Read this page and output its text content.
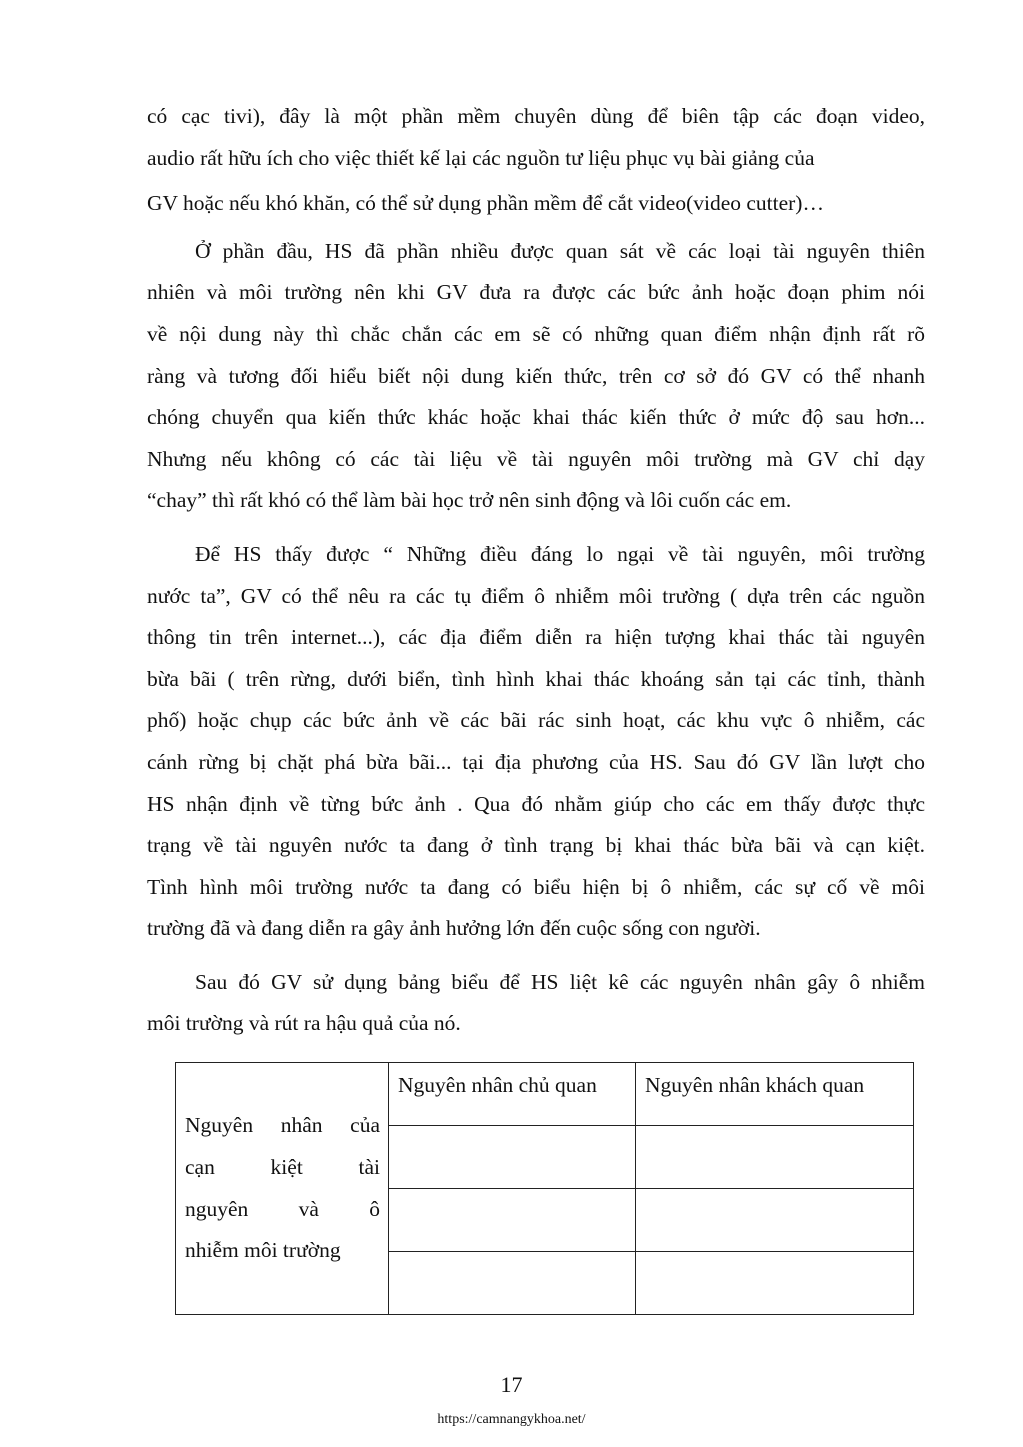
có cạc tivi), đây là một phần mềm chuyên dùng để biên tập các đoạn video,
audio rất hữu ích cho việc thiết kế lại các nguồn tư liệu phục vụ bài giảng của
GV hoặc nếu khó khăn, có thể sử dụng phần mềm để cắt video(video cutter)…

Ở phần đầu, HS đã phần nhiều được quan sát về các loại tài nguyên thiên
nhiên và môi trường nên khi GV đưa ra được các bức ảnh hoặc đoạn phim nói
về nội dung này thì chắc chắn các em sẽ có những quan điểm nhận định rất rõ
ràng và tương đối hiểu biết nội dung kiến thức, trên cơ sở đó GV có thể nhanh
chóng chuyển qua kiến thức khác hoặc khai thác kiến thức ở mức độ sau hơn...
Nhưng nếu không có các tài liệu về tài nguyên môi trường mà GV chỉ dạy
“chay” thì rất khó có thể làm bài học trở nên sinh động và lôi cuốn các em.

Để HS thấy được “ Những điều đáng lo ngại về tài nguyên, môi trường
nước ta”, GV có thể nêu ra các tụ điểm ô nhiễm môi trường ( dựa trên các nguồn
thông tin trên internet...), các địa điểm diễn ra hiện tượng khai thác tài nguyên
bừa bãi ( trên rừng, dưới biển, tình hình khai thác khoáng sản tại các tỉnh, thành
phố) hoặc chụp các bức ảnh về các bãi rác sinh hoạt, các khu vực ô nhiễm, các
cánh rừng bị chặt phá bừa bãi... tại địa phương của HS. Sau đó GV lần lượt cho
HS nhận định về từng bức ảnh . Qua đó nhằm giúp cho các em thấy được thực
trạng về tài nguyên nước ta đang ở tình trạng bị khai thác bừa bãi và cạn kiệt.
Tình hình môi trường nước ta đang có biểu hiện bị ô nhiễm, các sự cố về môi
trường đã và đang diễn ra gây ảnh hưởng lớn đến cuộc sống con người.

Sau đó GV sử dụng bảng biểu để HS liệt kê các nguyên nhân gây ô nhiễm
môi trường và rút ra hậu quả của nó.

Nguyên nhân của
cạn kiệt tài
nguyên và ô
nhiễm môi trường	Nguyên nhân chủ quan	Nguyên nhân khách quan

17
https://camnangykhoa.net/
